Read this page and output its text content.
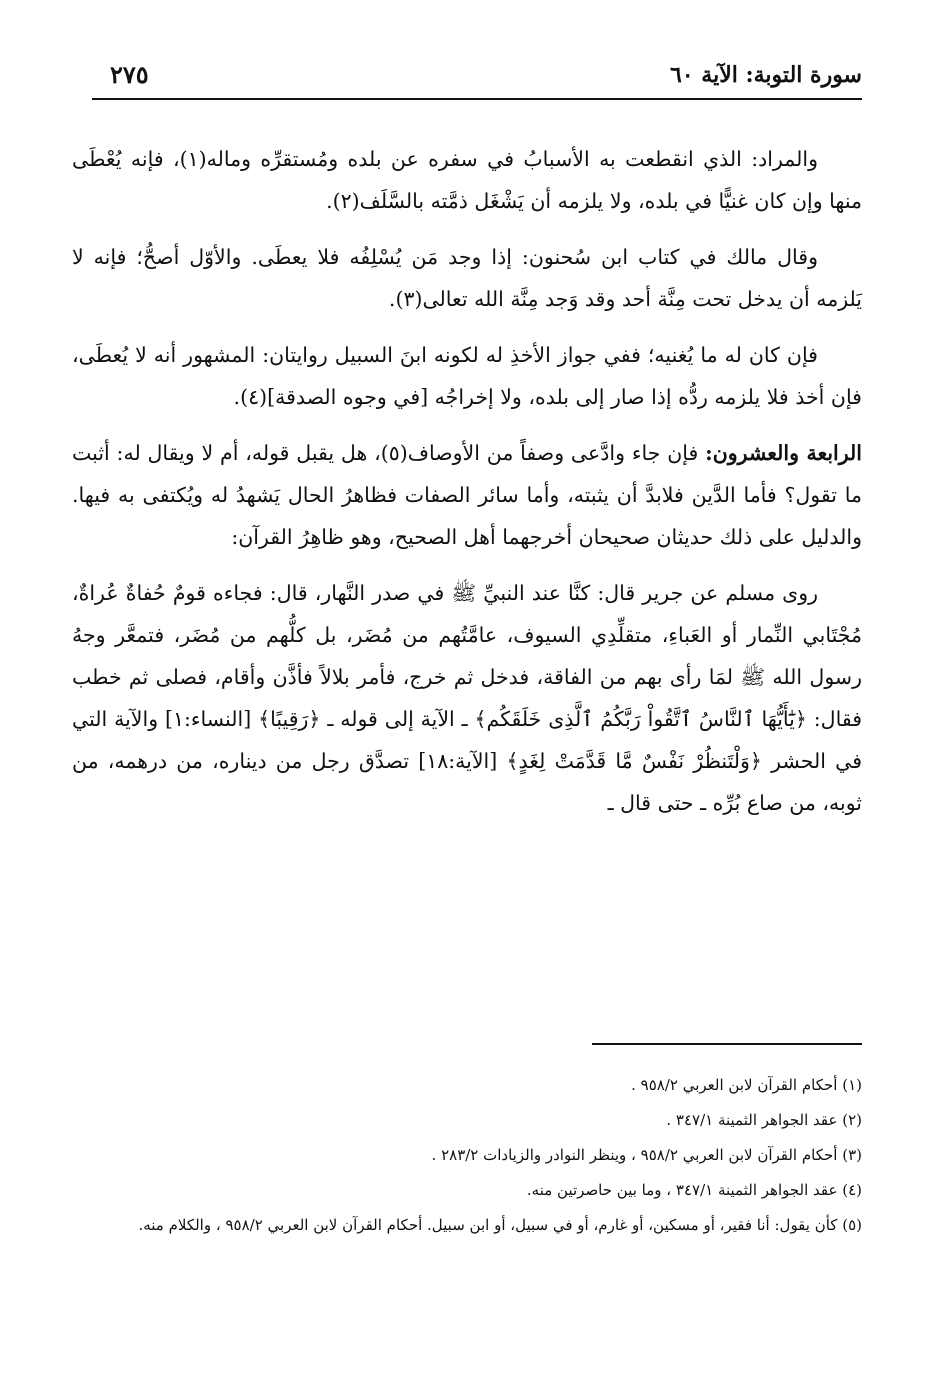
سورة التوبة: الآية ٦٠
٢٧٥

والمراد: الذي انقطعت به الأسبابُ في سفره عن بلده ومُستقرِّه وماله(١)، فإنه يُعْطَى منها وإن كان غنيًّا في بلده، ولا يلزمه أن يَشْغَل ذمَّته بالسَّلَف(٢).

وقال مالك في كتاب ابن سُحنون: إذا وجد مَن يُسْلِفُه فلا يعطَى. والأوّل أصحُّ؛ فإنه لا يَلزمه أن يدخل تحت مِنَّة أحد وقد وَجد مِنَّة الله تعالى(٣).

فإن كان له ما يُغنيه؛ ففي جواز الأخذِ له لكونه ابنَ السبيل روايتان: المشهور أنه لا يُعطَى، فإن أخذ فلا يلزمه ردُّه إذا صار إلى بلده، ولا إخراجُه [في وجوه الصدقة](٤).

الرابعة والعشرون: فإن جاء وادَّعى وصفاً من الأوصاف(٥)، هل يقبل قوله، أم لا ويقال له: أثبت ما تقول؟ فأما الدَّين فلابدَّ أن يثبته، وأما سائر الصفات فظاهرُ الحال يَشهدُ له ويُكتفى به فيها. والدليل على ذلك حديثان صحيحان أخرجهما أهل الصحيح، وهو ظاهِرُ القرآن:

روى مسلم عن جرير قال: كنَّا عند النبيِّ ﷺ في صدر النَّهار، قال: فجاءه قومٌ حُفاةٌ عُراةٌ، مُجْتَابي النِّمار أو العَباءِ، متقلِّدِي السيوف، عامَّتُهم من مُضَر، بل كلُّهم من مُضَر، فتمعَّر وجهُ رسول الله ﷺ لمَا رأى بهم من الفاقة، فدخل ثم خرج، فأمر بلالاً فأذَّن وأقام، فصلى ثم خطب فقال: ﴿يَٰٓأَيُّهَا ٱلنَّاسُ ٱتَّقُواْ رَبَّكُمُ ٱلَّذِى خَلَقَكُم﴾ ـ الآية إلى قوله ـ ﴿رَقِيبًا﴾ [النساء:١] والآية التي في الحشر ﴿وَلْتَنظُرْ نَفْسٌ مَّا قَدَّمَتْ لِغَدٍ﴾ [الآية:١٨] تصدَّق رجل من ديناره، من درهمه، من ثوبه، من صاع بُرِّه ـ حتى قال ـ

(١) أحكام القرآن لابن العربي ٩٥٨/٢ .

(٢) عقد الجواهر الثمينة ٣٤٧/١ .

(٣) أحكام القرآن لابن العربي ٩٥٨/٢ ، وينظر النوادر والزيادات ٢٨٣/٢ .

(٤) عقد الجواهر الثمينة ٣٤٧/١ ، وما بين حاصرتين منه.

(٥) كأن يقول: أنا فقير، أو مسكين، أو غارم، أو في سبيل، أو ابن سبيل. أحكام القرآن لابن العربي ٩٥٨/٢ ، والكلام منه.
